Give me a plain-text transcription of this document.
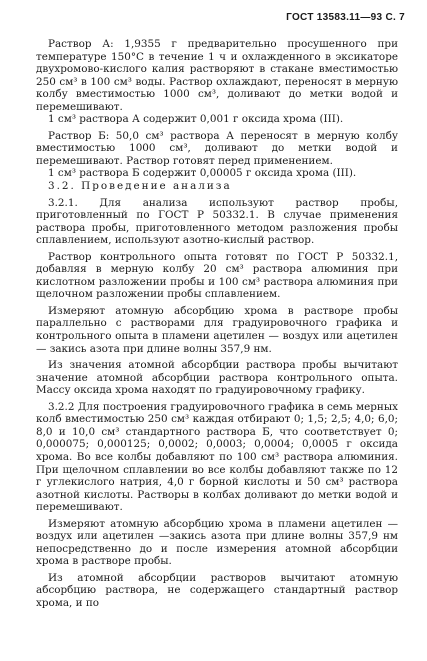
ГОСТ 13583.11—93 С. 7

Раствор А: 1,9355 г предварительно просушенного при температуре 150°С в течение 1 ч и охлажденного в эксикаторе двухромово-кислого калия растворяют в стакане вместимостью 250 см³ в 100 см³ воды. Раствор охлаждают, переносят в мерную колбу вместимостью 1000 см³, доливают до метки водой и перемешивают.

1 см³ раствора А содержит 0,001 г оксида хрома (III).

Раствор Б: 50,0 см³ раствора А переносят в мерную колбу вместимостью 1000 см³, доливают до метки водой и перемешивают. Раствор готовят перед применением.

1 см³ раствора Б содержит 0,00005 г оксида хрома (III).

3.2. Проведение анализа

3.2.1. Для анализа используют раствор пробы, приготовленный по ГОСТ Р 50332.1. В случае применения раствора пробы, приготовленного методом разложения пробы сплавлением, используют азотно-кислый раствор.

Раствор контрольного опыта готовят по ГОСТ Р 50332.1, добавляя в мерную колбу 20 см³ раствора алюминия при кислотном разложении пробы и 100 см³ раствора алюминия при щелочном разложении пробы сплавлением.

Измеряют атомную абсорбцию хрома в растворе пробы параллельно с растворами для градуировочного графика и контрольного опыта в пламени ацетилен — воздух или ацетилен — закись азота при длине волны 357,9 нм.

Из значения атомной абсорбции раствора пробы вычитают значение атомной абсорбции раствора контрольного опыта. Массу оксида хрома находят по градуировочному графику.

3.2.2 Для построения градуировочного графика в семь мерных колб вместимостью 250 см³ каждая отбирают 0; 1,5; 2,5; 4,0; 6,0; 8,0 и 10,0 см³ стандартного раствора Б, что соответствует 0; 0,000075; 0,000125; 0,0002; 0,0003; 0,0004; 0,0005 г оксида хрома. Во все колбы добавляют по 100 см³ раствора алюминия. При щелочном сплавлении во все колбы добавляют также по 12 г углекислого натрия, 4,0 г борной кислоты и 50 см³ раствора азотной кислоты. Растворы в колбах доливают до метки водой и перемешивают.

Измеряют атомную абсорбцию хрома в пламени ацетилен — воздух или ацетилен —закись азота при длине волны 357,9 нм непосредственно до и после измерения атомной абсорбции хрома в растворе пробы.

Из атомной абсорбции растворов вычитают атомную абсорбцию раствора, не содержащего стандартный раствор хрома, и по
